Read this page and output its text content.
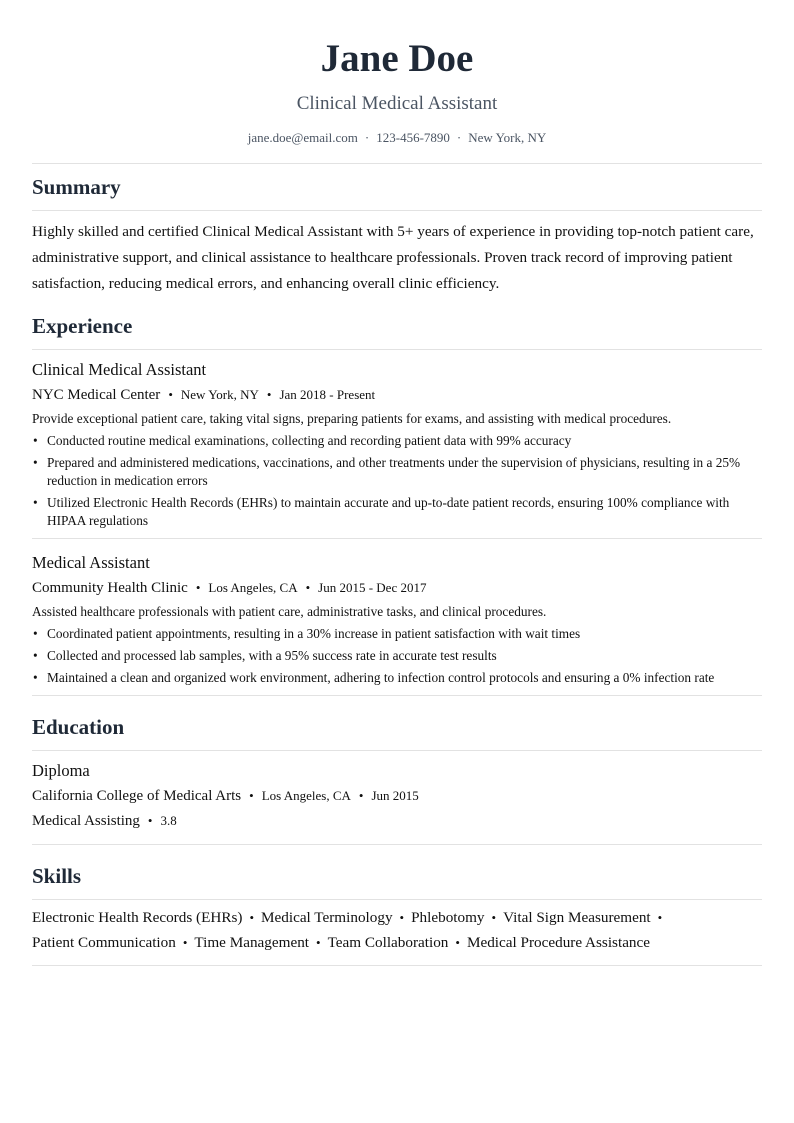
Jane Doe
Clinical Medical Assistant
jane.doe@email.com · 123-456-7890 · New York, NY
Summary

Highly skilled and certified Clinical Medical Assistant with 5+ years of experience in providing top-notch patient care, administrative support, and clinical assistance to healthcare professionals. Proven track record of improving patient satisfaction, reducing medical errors, and enhancing overall clinic efficiency.

Experience
Clinical Medical Assistant
NYC Medical Center • New York, NY • Jan 2018 - Present
Provide exceptional patient care, taking vital signs, preparing patients for exams, and assisting with medical procedures.
• Conducted routine medical examinations, collecting and recording patient data with 99% accuracy
• Prepared and administered medications, vaccinations, and other treatments under the supervision of physicians, resulting in a 25% reduction in medication errors
• Utilized Electronic Health Records (EHRs) to maintain accurate and up-to-date patient records, ensuring 100% compliance with HIPAA regulations
Medical Assistant
Community Health Clinic • Los Angeles, CA • Jun 2015 - Dec 2017
Assisted healthcare professionals with patient care, administrative tasks, and clinical procedures.
• Coordinated patient appointments, resulting in a 30% increase in patient satisfaction with wait times
• Collected and processed lab samples, with a 95% success rate in accurate test results
• Maintained a clean and organized work environment, adhering to infection control protocols and ensuring a 0% infection rate
Education
Diploma
California College of Medical Arts • Los Angeles, CA • Jun 2015
Medical Assisting • 3.8
Skills
Electronic Health Records (EHRs) • Medical Terminology • Phlebotomy • Vital Sign Measurement •
Patient Communication • Time Management • Team Collaboration • Medical Procedure Assistance
